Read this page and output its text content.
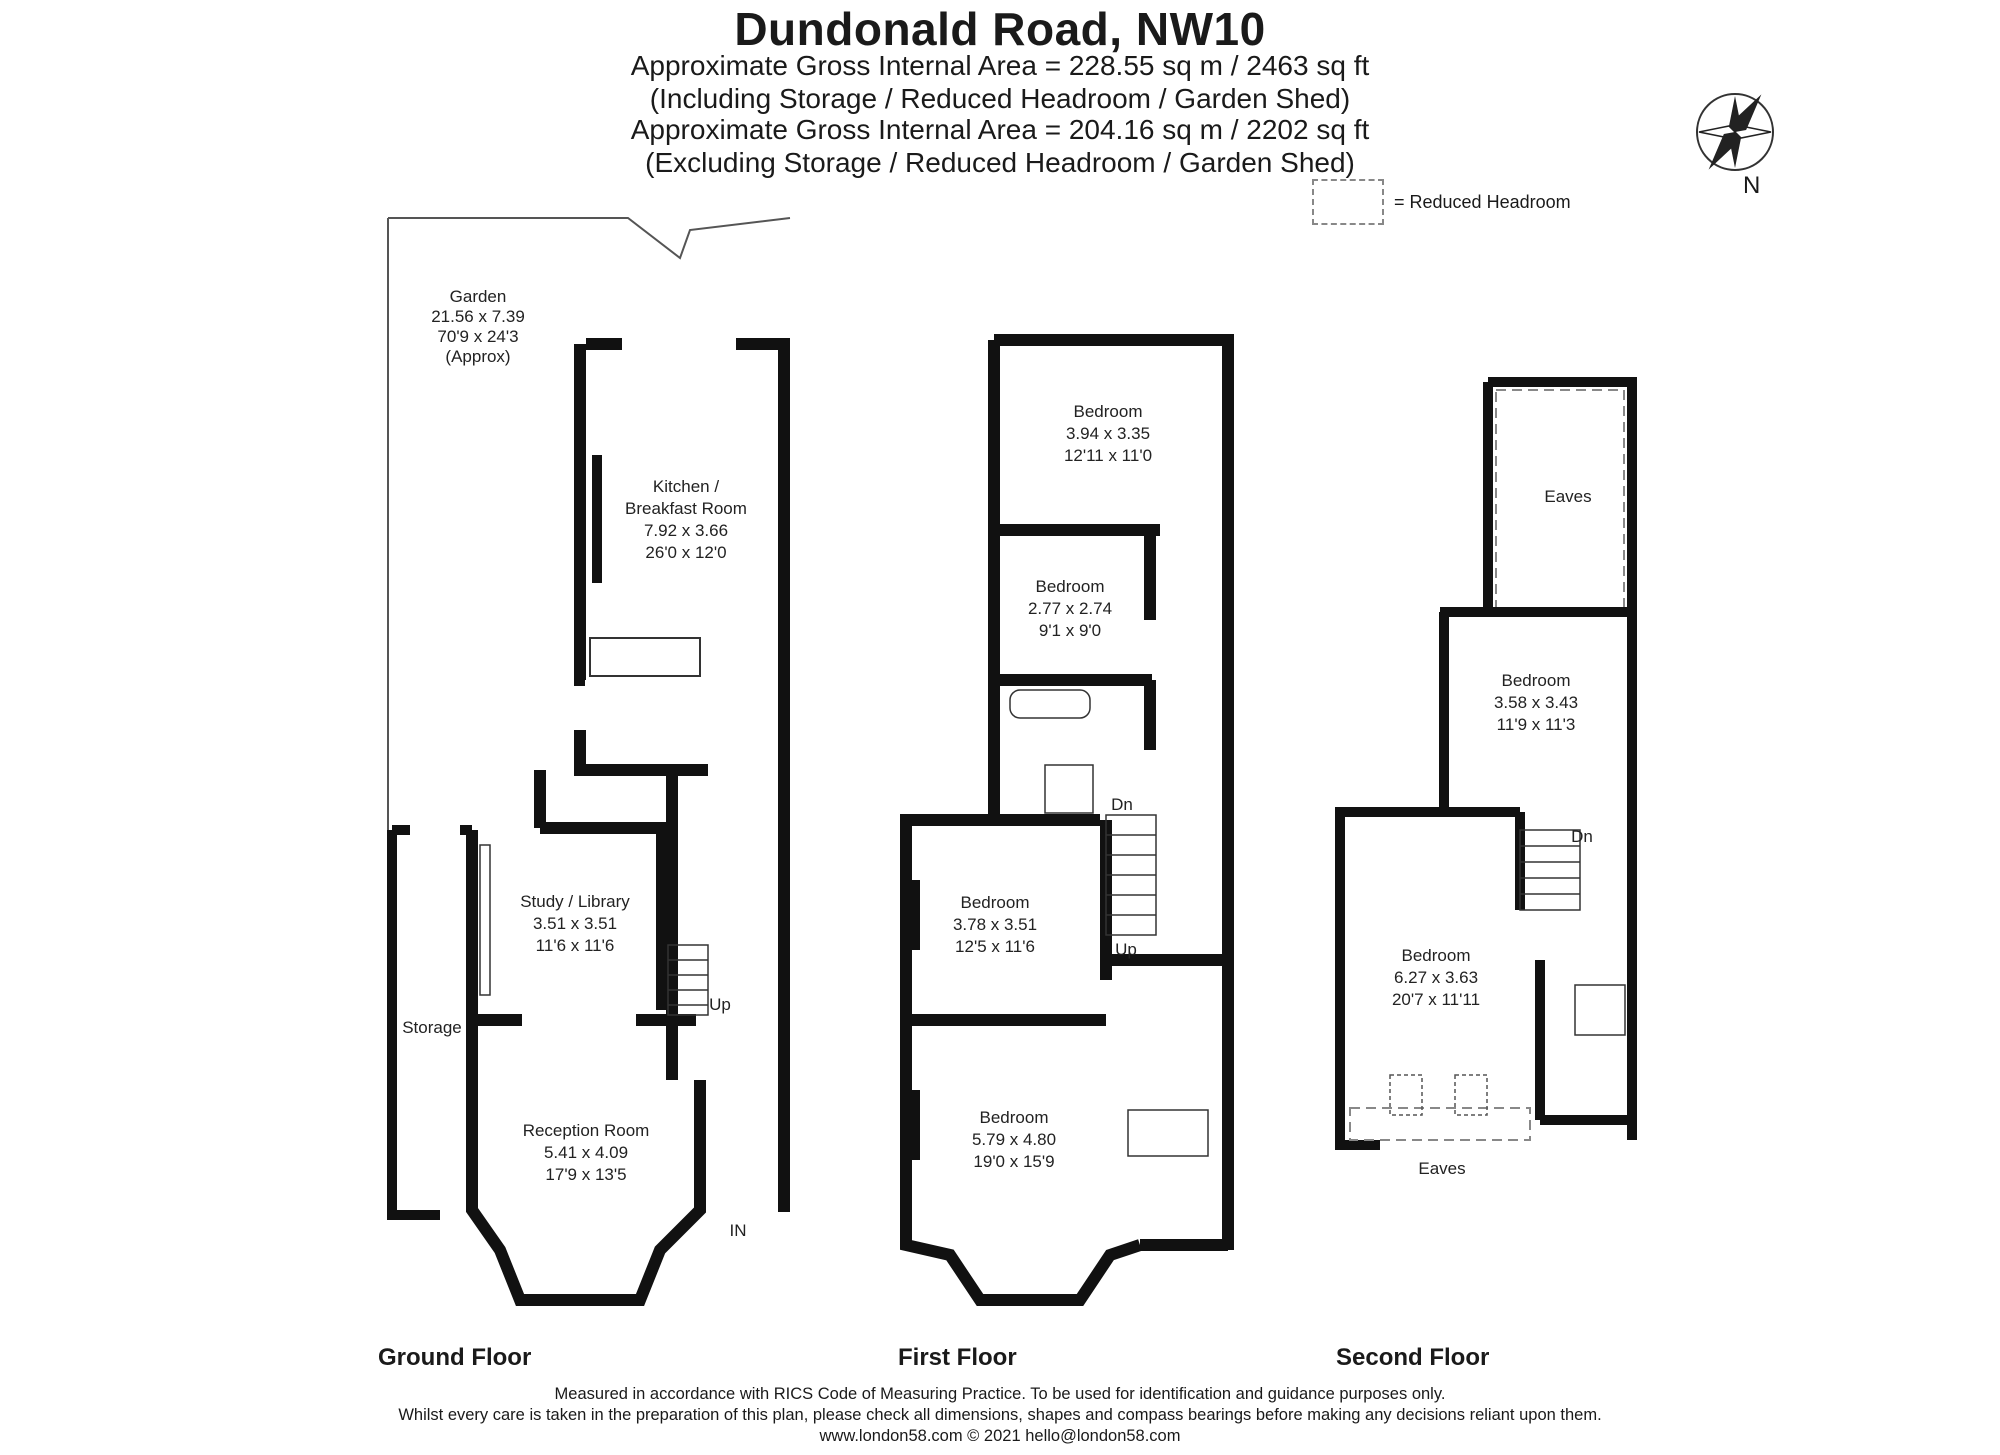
Dundonald Road, NW10
Approximate Gross Internal Area = 228.55 sq m / 2463 sq ft
(Including Storage / Reduced Headroom / Garden Shed)
Approximate Gross Internal Area = 204.16 sq m / 2202 sq ft
(Excluding Storage / Reduced Headroom / Garden Shed)
= Reduced Headroom
Garden
21.56 x 7.39
70'9 x 24'3
(Approx)
Kitchen /
Breakfast Room
7.92 x 3.66
26'0 x 12'0
Study / Library
3.51 x 3.51
11'6 x 11'6
Reception Room
5.41 x 4.09
17'9 x 13'5
Storage
Up
IN
Bedroom
3.94 x 3.35
12'11 x 11'0
Bedroom
2.77 x 2.74
9'1 x 9'0
Bedroom
3.78 x 3.51
12'5 x 11'6
Bedroom
5.79 x 4.80
19'0 x 15'9
Dn
Up
Eaves
Bedroom
3.58 x 3.43
11'9 x 11'3
Bedroom
6.27 x 3.63
20'7 x 11'11
Dn
Eaves
N
Ground Floor	First Floor	Second Floor
Measured in accordance with RICS Code of Measuring Practice. To be used for identification and guidance purposes only.
Whilst every care is taken in the preparation of this plan, please check all dimensions, shapes and compass bearings before making any decisions reliant upon them.
www.london58.com © 2021 hello@london58.com
